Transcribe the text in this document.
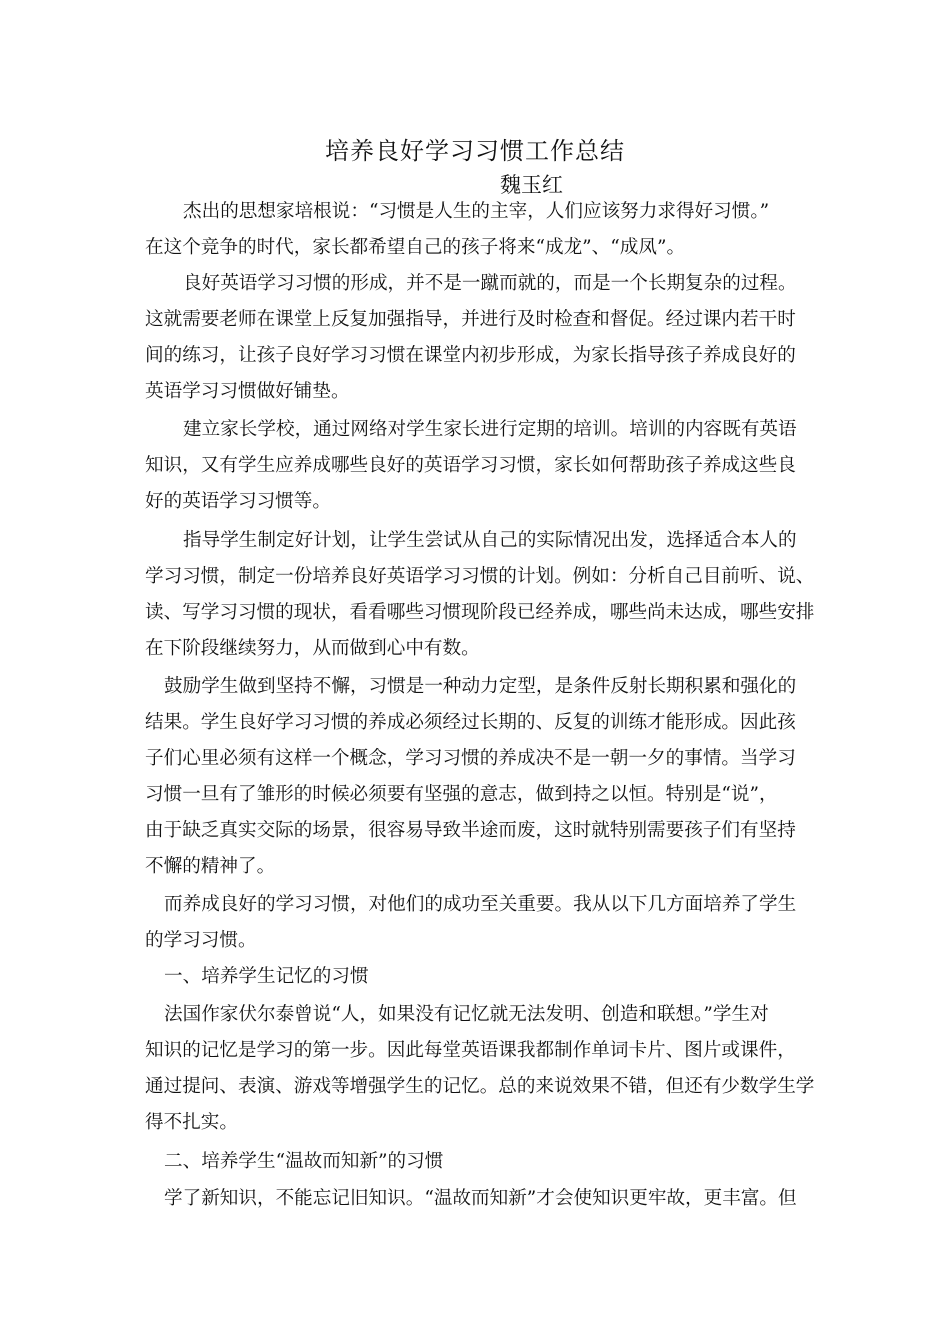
培养良好学习习惯工作总结
魏玉红
杰出的思想家培根说：“习惯是人生的主宰，人们应该努力求得好习惯。”
在这个竞争的时代，家长都希望自己的孩子将来“成龙”、“成凤”。
良好英语学习习惯的形成，并不是一蹴而就的，而是一个长期复杂的过程。
这就需要老师在课堂上反复加强指导，并进行及时检查和督促。经过课内若干时
间的练习，让孩子良好学习习惯在课堂内初步形成，为家长指导孩子养成良好的
英语学习习惯做好铺垫。
建立家长学校，通过网络对学生家长进行定期的培训。培训的内容既有英语
知识，又有学生应养成哪些良好的英语学习习惯，家长如何帮助孩子养成这些良
好的英语学习习惯等。
指导学生制定好计划，让学生尝试从自己的实际情况出发，选择适合本人的
学习习惯，制定一份培养良好英语学习习惯的计划。例如：分析自己目前听、说、
读、写学习习惯的现状，看看哪些习惯现阶段已经养成，哪些尚未达成，哪些安排
在下阶段继续努力，从而做到心中有数。
鼓励学生做到坚持不懈，习惯是一种动力定型，是条件反射长期积累和强化的
结果。学生良好学习习惯的养成必须经过长期的、反复的训练才能形成。因此孩
子们心里必须有这样一个概念，学习习惯的养成决不是一朝一夕的事情。当学习
习惯一旦有了雏形的时候必须要有坚强的意志，做到持之以恒。特别是“说”，
由于缺乏真实交际的场景，很容易导致半途而废，这时就特别需要孩子们有坚持
不懈的精神了。
而养成良好的学习习惯，对他们的成功至关重要。我从以下几方面培养了学生
的学习习惯。
一、培养学生记忆的习惯
法国作家伏尔泰曾说“人，如果没有记忆就无法发明、创造和联想。”学生对
知识的记忆是学习的第一步。因此每堂英语课我都制作单词卡片、图片或课件，
通过提问、表演、游戏等增强学生的记忆。总的来说效果不错，但还有少数学生学
得不扎实。
二、培养学生“温故而知新”的习惯
学了新知识，不能忘记旧知识。“温故而知新”才会使知识更牢故，更丰富。但
